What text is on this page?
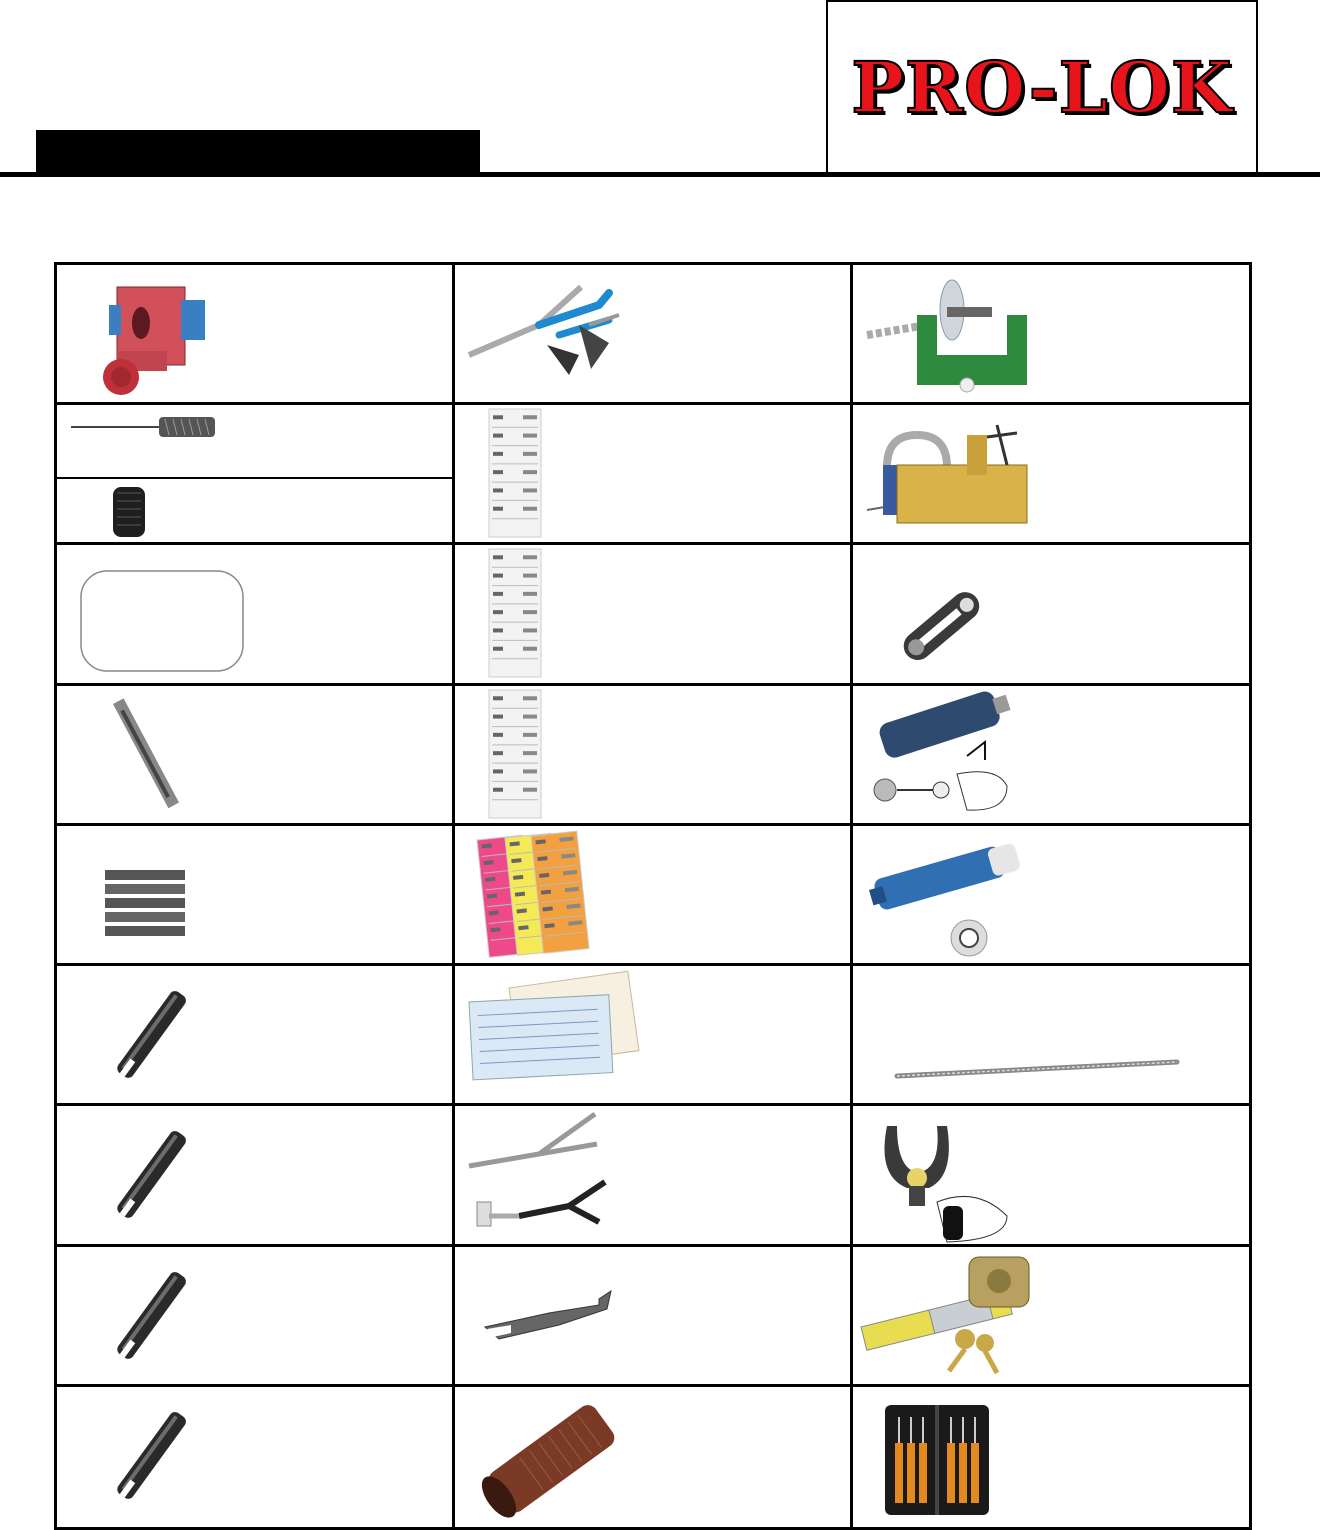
PRO-LOK
